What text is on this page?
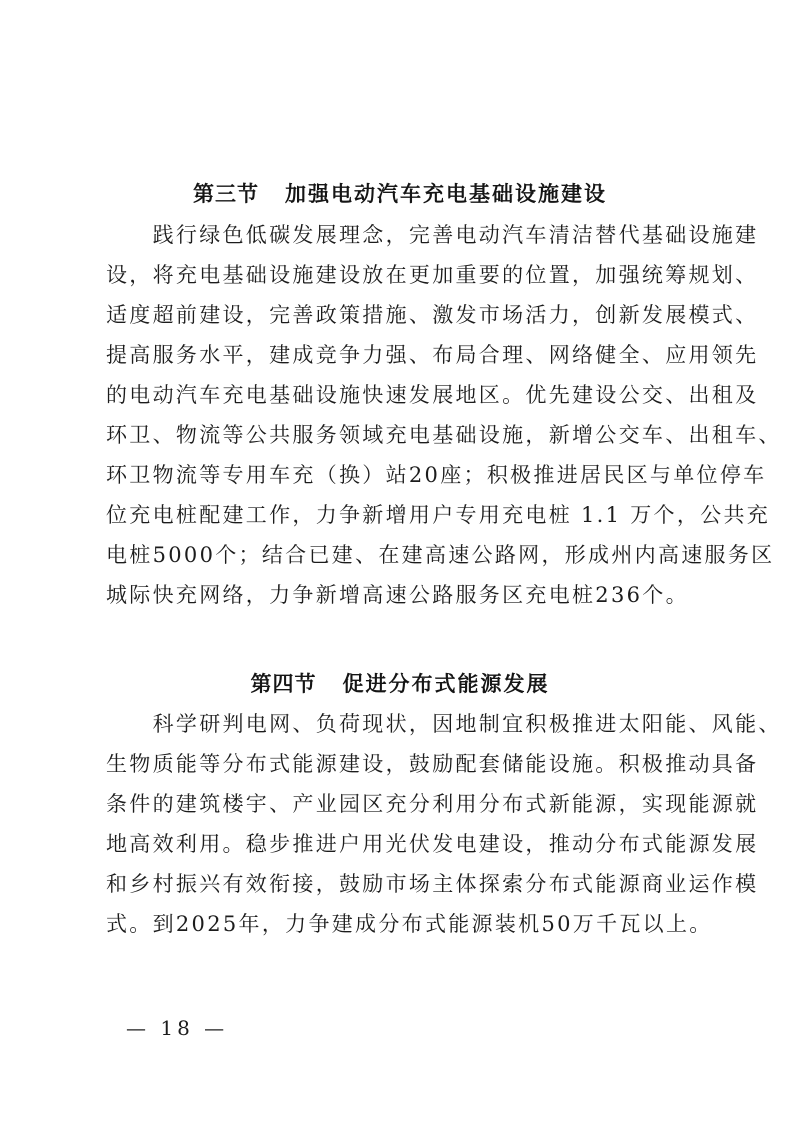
第三节 加强电动汽车充电基础设施建设
　　践行绿色低碳发展理念，完善电动汽车清洁替代基础设施建
设，将充电基础设施建设放在更加重要的位置，加强统筹规划、
适度超前建设，完善政策措施、激发市场活力，创新发展模式、
提高服务水平，建成竞争力强、布局合理、网络健全、应用领先
的电动汽车充电基础设施快速发展地区。优先建设公交、出租及
环卫、物流等公共服务领域充电基础设施，新增公交车、出租车、
环卫物流等专用车充（换）站20座；积极推进居民区与单位停车
位充电桩配建工作，力争新增用户专用充电桩 1.1 万个，公共充
电桩5000个；结合已建、在建高速公路网，形成州内高速服务区
城际快充网络，力争新增高速公路服务区充电桩236个。
第四节 促进分布式能源发展
　　科学研判电网、负荷现状，因地制宜积极推进太阳能、风能、
生物质能等分布式能源建设，鼓励配套储能设施。积极推动具备
条件的建筑楼宇、产业园区充分利用分布式新能源，实现能源就
地高效利用。稳步推进户用光伏发电建设，推动分布式能源发展
和乡村振兴有效衔接，鼓励市场主体探索分布式能源商业运作模
式。到2025年，力争建成分布式能源装机50万千瓦以上。
— 18 —
